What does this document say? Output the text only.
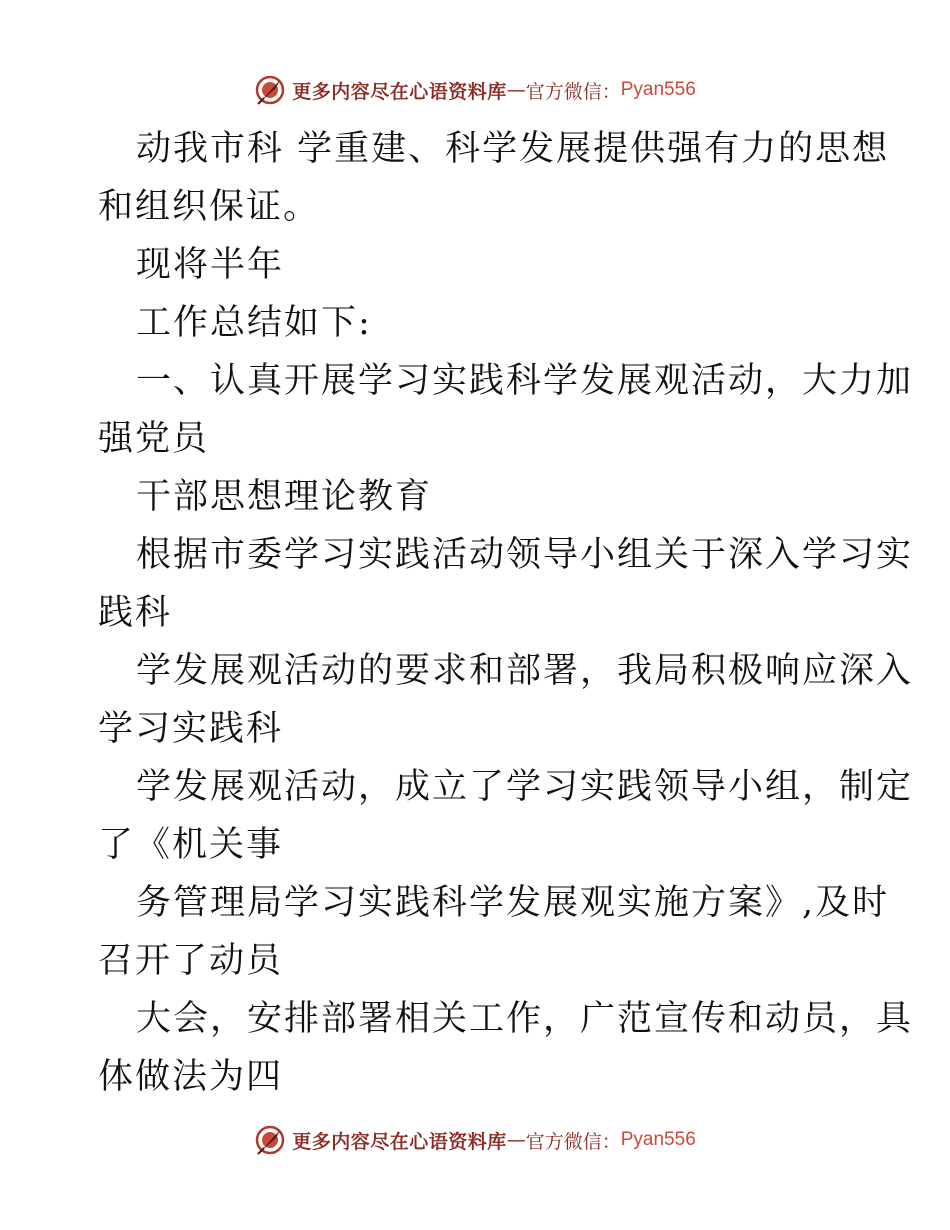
更多内容尽在心语资料库 — 官方微信： Pyan556
动我市科 学重建、科学发展提供强有力的思想
和组织保证。
现将半年
工作总结如下:
一、认真开展学习实践科学发展观活动，大力加
强党员
干部思想理论教育
根据市委学习实践活动领导小组关于深入学习实
践科
学发展观活动的要求和部署，我局积极响应深入
学习实践科
学发展观活动，成立了学习实践领导小组，制定
了《机关事
务管理局学习实践科学发展观实施方案》,及时
召开了动员
大会，安排部署相关工作，广范宣传和动员，具
体做法为四
更多内容尽在心语资料库 — 官方微信： Pyan556
